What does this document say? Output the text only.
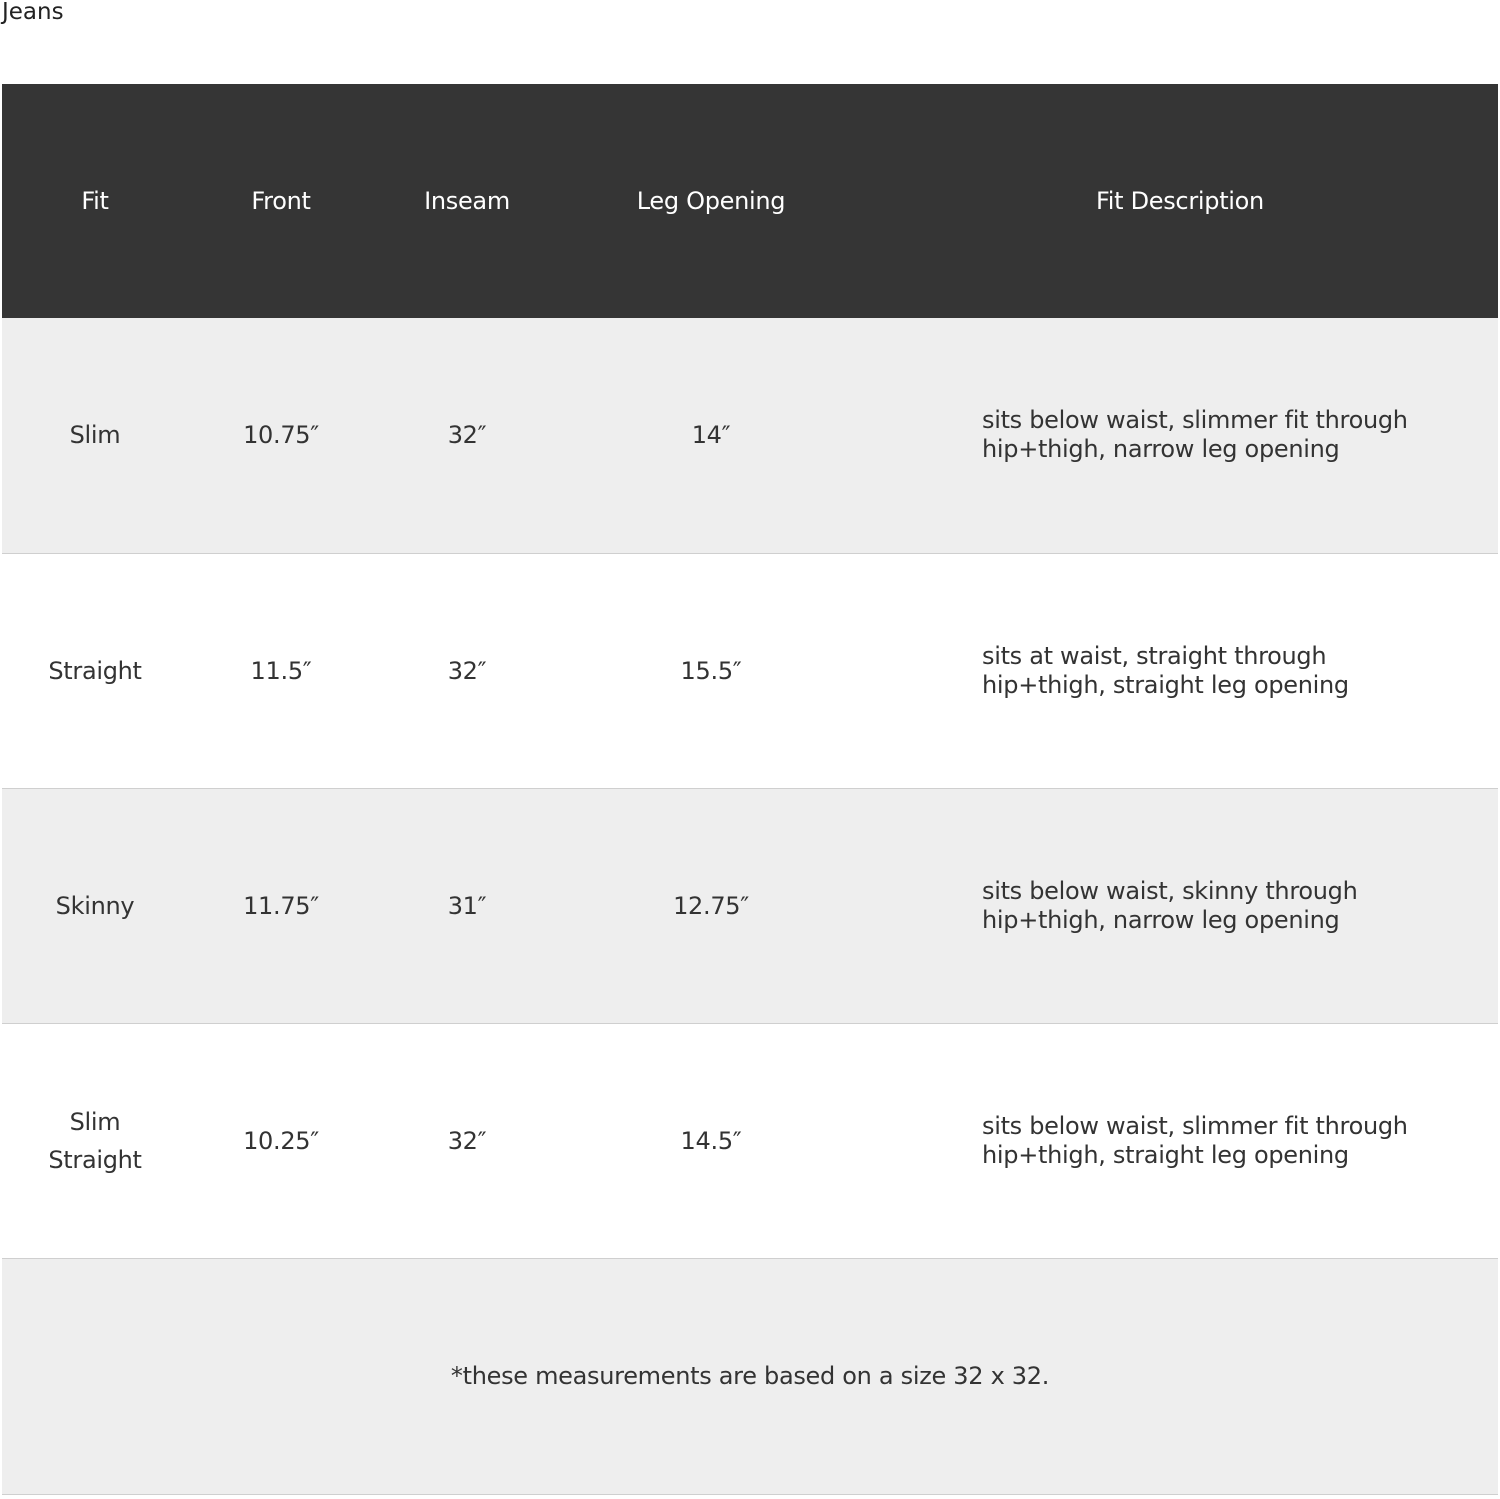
Jeans
Fit	Front	Inseam	Leg Opening	Fit Description
Slim	10.75″	32″	14″	sits below waist, slimmer fit through
hip+thigh, narrow leg opening
Straight	11.5″	32″	15.5″	sits at waist, straight through
hip+thigh, straight leg opening
Skinny	11.75″	31″	12.75″	sits below waist, skinny through
hip+thigh, narrow leg opening
Slim Straight	10.25″	32″	14.5″	sits below waist, slimmer fit through
hip+thigh, straight leg opening
*these measurements are based on a size 32 x 32.				
